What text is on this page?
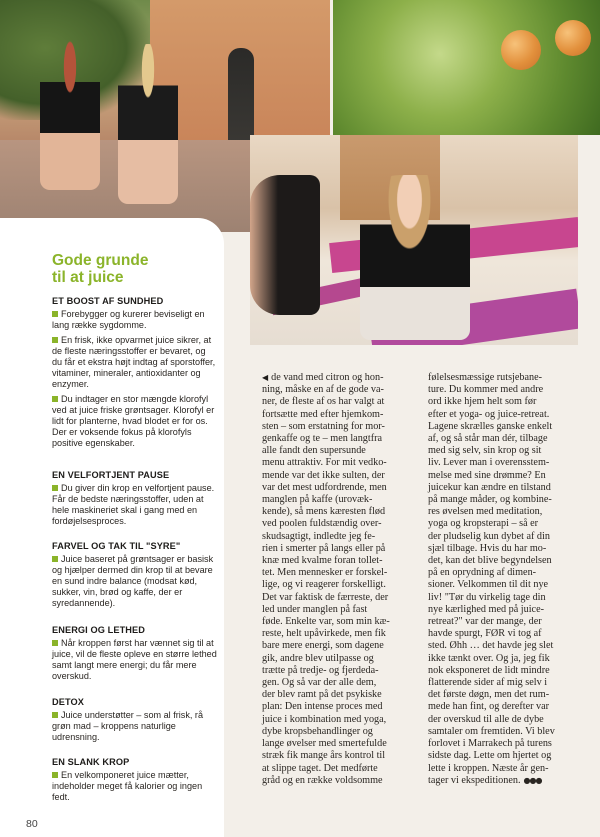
Gode grunde
til at juice

ET BOOST AF SUNDHED

Forebygger og kurerer beviseligt en lang række sygdomme.

En frisk, ikke opvarmet juice sikrer, at de fleste næringsstoffer er bevaret, og du får et ekstra højt indtag af sporstoffer, vitaminer, mineraler, antioxidanter og enzymer.

Du indtager en stor mængde klorofyl ved at juice friske grøntsager. Klorofyl er lidt for planterne, hvad blodet er for os. Der er voksende fokus på klorofyls positive egenskaber.

EN VELFORTJENT PAUSE

Du giver din krop en velfortjent pause. Får de bedste næringsstoffer, uden at hele maskineriet skal i gang med en fordøjelsesproces.

FARVEL OG TAK TIL "SYRE"

Juice baseret på grøntsager er basisk og hjælper dermed din krop til at bevare en sund indre balance (modsat kød, sukker, vin, brød og kaffe, der er syredannende).

ENERGI OG LETHED

Når kroppen først har vænnet sig til at juice, vil de fleste opleve en større lethed samt langt mere energi; du får mere overskud.

DETOX

Juice understøtter – som al frisk, rå grøn mad – kroppens naturlige udrensning.

EN SLANK KROP

En velkomponeret juice mætter, indeholder meget få kalorier og ingen fedt.

◀ de vand med citron og hon-
ning, måske en af de gode va-
ner, de fleste af os har valgt at
fortsætte med efter hjemkom-
sten – som erstatning for mor-
genkaffe og te – men langtfra
alle fandt den supersunde
menu attraktiv. For mit vedko-
mende var det ikke sulten, der
var det mest udfordrende, men
manglen på kaffe (urovæk-
kende), så mens kæresten flød
ved poolen fuldstændig over-
skudsagtigt, indledte jeg fe-
rien i smerter på langs eller på
knæ med kvalme foran tollet-
tet. Men mennesker er forskel-
lige, og vi reagerer forskelligt.
Det var faktisk de færreste, der
led under manglen på fast
føde. Enkelte var, som min kæ-
reste, helt upåvirkede, men fik
bare mere energi, som dagene
gik, andre blev utilpasse og
trætte på tredje- og fjerdeda-
gen. Og så var der alle dem,
der blev ramt på det psykiske
plan: Den intense proces med
juice i kombination med yoga,
dybe kropsbehandlinger og
lange øvelser med smertefulde
stræk fik mange års kontrol til
at slippe taget. Det medførte
gråd og en række voldsomme
følelsesmæssige rutsjebane-
ture. Du kommer med andre
ord ikke hjem helt som før
efter et yoga- og juice-retreat.
Lagene skrælles ganske enkelt
af, og så står man dér, tilbage
med sig selv, sin krop og sit
liv. Lever man i overensstem-
melse med sine drømme? En
juicekur kan ændre en tilstand
på mange måder, og kombine-
res øvelsen med meditation,
yoga og kropsterapi – så er
der pludselig kun dybet af din
sjæl tilbage. Hvis du har mo-
det, kan det blive begyndelsen
på en oprydning af dimen-
sioner. Velkommen til dit nye
liv! "Tør du virkelig tage din
nye kærlighed med på juice-
retreat?" var der mange, der
havde spurgt, FØR vi tog af
sted. Øhh … det havde jeg slet
ikke tænkt over. Og ja, jeg fik
nok eksponeret de lidt mindre
flatterende sider af mig selv i
det første døgn, men det rum-
mede han fint, og derefter var
der overskud til alle de dybe
samtaler om fremtiden. Vi blev
forlovet i Marrakech på turens
sidste dag. Lette om hjertet og
lette i kroppen. Næste år gen-
tager vi ekspeditionen. ●●●
80
